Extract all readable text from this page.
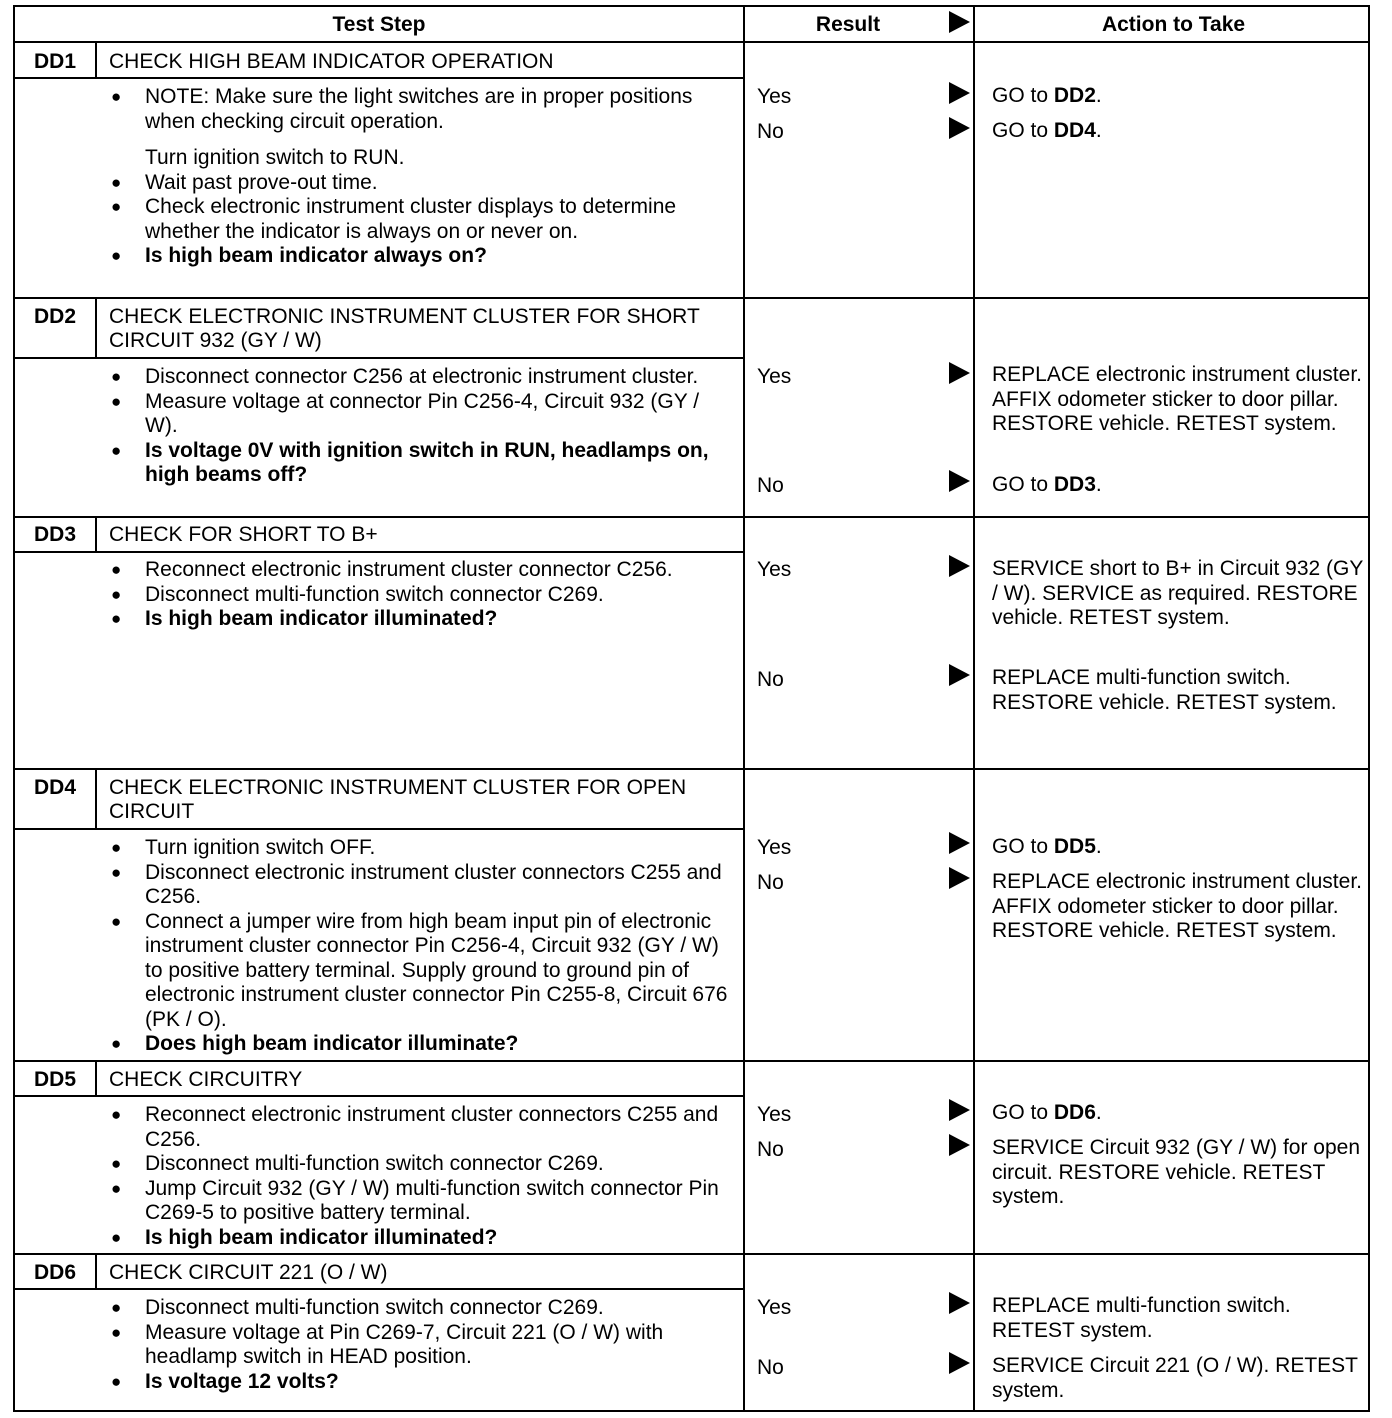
Test Step	Result	Action to Take
DD1	CHECK HIGH BEAM INDICATOR OPERATION
● NOTE: Make sure the light switches are in proper positions when checking circuit operation.
Turn ignition switch to RUN.
● Wait past prove-out time.
● Check electronic instrument cluster displays to determine whether the indicator is always on or never on.
● Is high beam indicator always on?
Yes	GO to DD2.
No	GO to DD4.
DD2	CHECK ELECTRONIC INSTRUMENT CLUSTER FOR SHORT CIRCUIT 932 (GY / W)
● Disconnect connector C256 at electronic instrument cluster.
● Measure voltage at connector Pin C256-4, Circuit 932 (GY / W).
● Is voltage 0V with ignition switch in RUN, headlamps on, high beams off?
Yes	REPLACE electronic instrument cluster. AFFIX odometer sticker to door pillar. RESTORE vehicle. RETEST system.
No	GO to DD3.
DD3	CHECK FOR SHORT TO B+
● Reconnect electronic instrument cluster connector C256.
● Disconnect multi-function switch connector C269.
● Is high beam indicator illuminated?
Yes	SERVICE short to B+ in Circuit 932 (GY / W). SERVICE as required. RESTORE vehicle. RETEST system.
No	REPLACE multi-function switch. RESTORE vehicle. RETEST system.
DD4	CHECK ELECTRONIC INSTRUMENT CLUSTER FOR OPEN CIRCUIT
● Turn ignition switch OFF.
● Disconnect electronic instrument cluster connectors C255 and C256.
● Connect a jumper wire from high beam input pin of electronic instrument cluster connector Pin C256-4, Circuit 932 (GY / W) to positive battery terminal. Supply ground to ground pin of electronic instrument cluster connector Pin C255-8, Circuit 676 (PK / O).
● Does high beam indicator illuminate?
Yes	GO to DD5.
No	REPLACE electronic instrument cluster. AFFIX odometer sticker to door pillar. RESTORE vehicle. RETEST system.
DD5	CHECK CIRCUITRY
● Reconnect electronic instrument cluster connectors C255 and C256.
● Disconnect multi-function switch connector C269.
● Jump Circuit 932 (GY / W) multi-function switch connector Pin C269-5 to positive battery terminal.
● Is high beam indicator illuminated?
Yes	GO to DD6.
No	SERVICE Circuit 932 (GY / W) for open circuit. RESTORE vehicle. RETEST system.
DD6	CHECK CIRCUIT 221 (O / W)
● Disconnect multi-function switch connector C269.
● Measure voltage at Pin C269-7, Circuit 221 (O / W) with headlamp switch in HEAD position.
● Is voltage 12 volts?
Yes	REPLACE multi-function switch. RETEST system.
No	SERVICE Circuit 221 (O / W). RETEST system.
